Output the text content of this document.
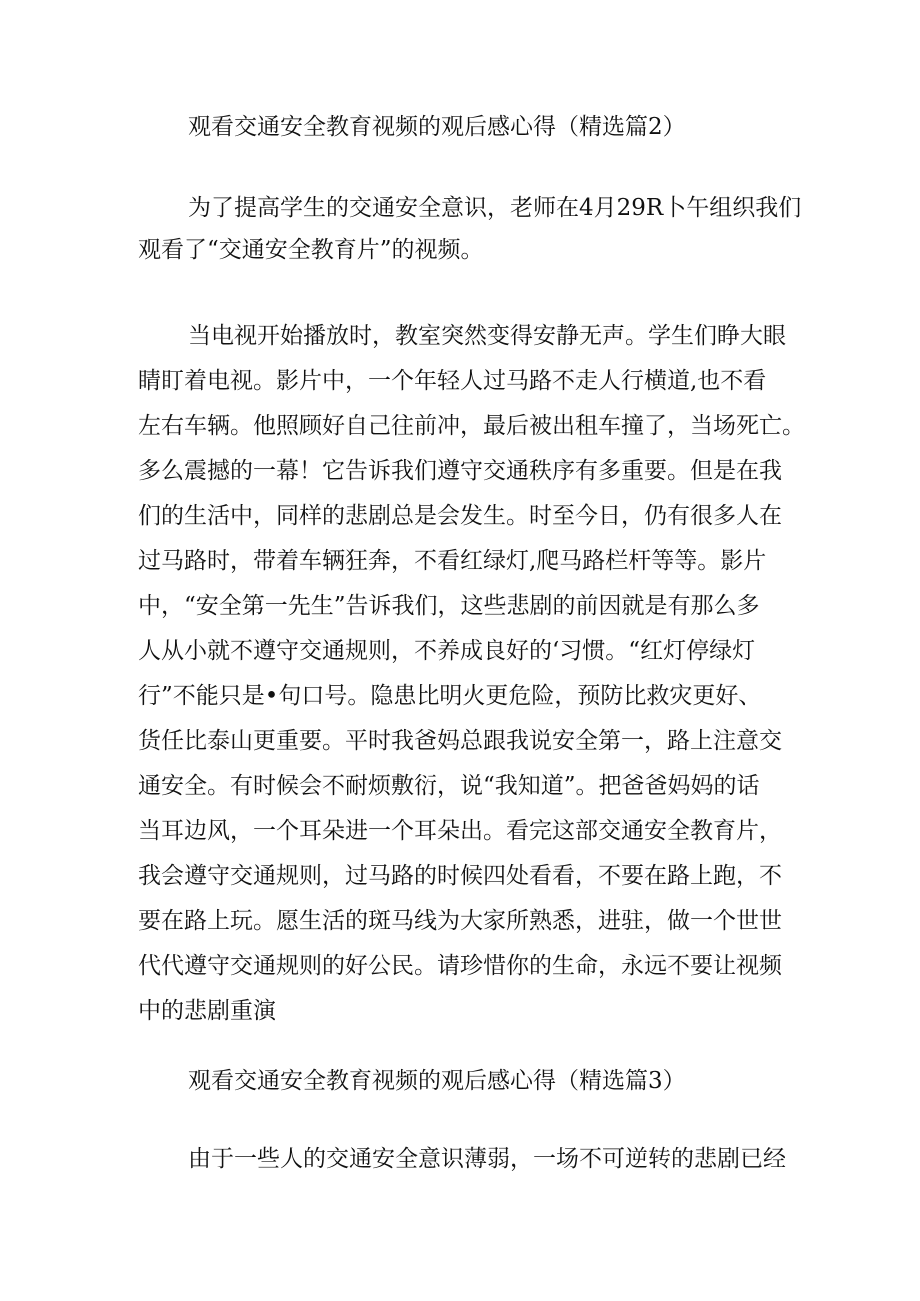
观看交通安全教育视频的观后感心得（精选篇2）
为了提高学生的交通安全意识，老师在4月29R卜午组织我们
观看了“交通安全教育片”的视频。
当电视开始播放时，教室突然变得安静无声。学生们睁大眼
睛盯着电视。影片中，一个年轻人过马路不走人行横道,也不看
左右车辆。他照顾好自己往前冲，最后被出租车撞了，当场死亡。
多么震撼的一幕！它告诉我们遵守交通秩序有多重要。但是在我
们的生活中，同样的悲剧总是会发生。时至今日，仍有很多人在
过马路时，带着车辆狂奔，不看红绿灯,爬马路栏杆等等。影片
中，“安全第一先生”告诉我们，这些悲剧的前因就是有那么多
人从小就不遵守交通规则，不养成良好的‘习惯。“红灯停绿灯
行”不能只是•句口号。隐患比明火更危险，预防比救灾更好、
货任比泰山更重要。平时我爸妈总跟我说安全第一，路上注意交
通安全。有时候会不耐烦敷衍，说“我知道”。把爸爸妈妈的话
当耳边风，一个耳朵进一个耳朵出。看完这部交通安全教育片，
我会遵守交通规则，过马路的时候四处看看，不要在路上跑，不
要在路上玩。愿生活的斑马线为大家所熟悉，进驻，做一个世世
代代遵守交通规则的好公民。请珍惜你的生命，永远不要让视频
中的悲剧重演
观看交通安全教育视频的观后感心得（精选篇3）
由于一些人的交通安全意识薄弱，一场不可逆转的悲剧已经
